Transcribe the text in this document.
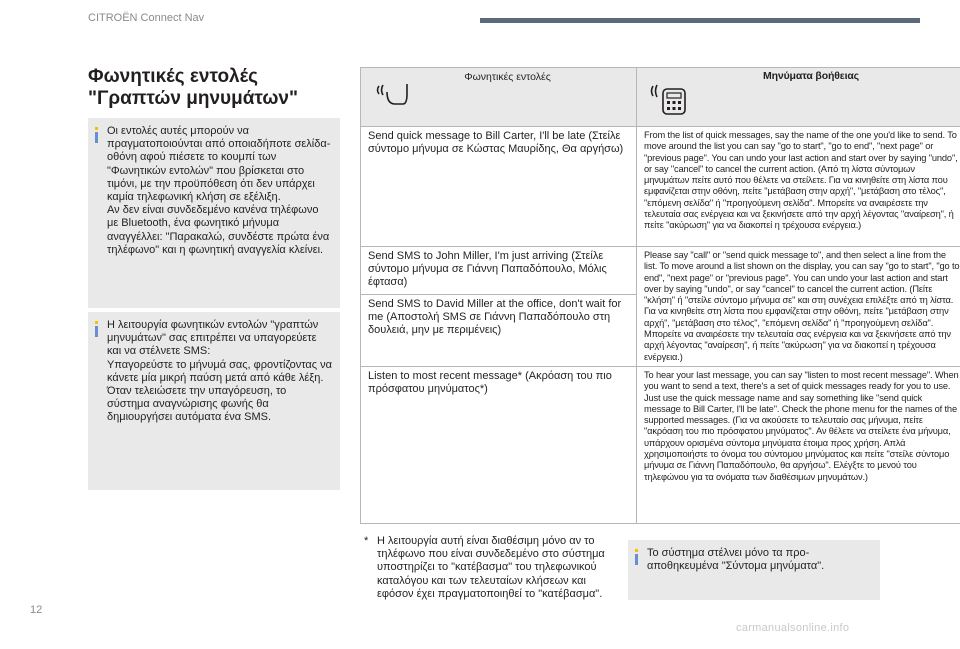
CITROËN Connect Nav
Φωνητικές εντολές "Γραπτών μηνυμάτων"
Οι εντολές αυτές μπορούν να πραγματοποιούνται από οποιαδήποτε σελίδα-οθόνη αφού πιέσετε το κουμπί των "Φωνητικών εντολών" που βρίσκεται στο τιμόνι, με την προϋπόθεση ότι δεν υπάρχει καμία τηλεφωνική κλήση σε εξέλιξη.
Αν δεν είναι συνδεδεμένο κανένα τηλέφωνο με Bluetooth, ένα φωνητικό μήνυμα αναγγέλλει: "Παρακαλώ, συνδέστε πρώτα ένα τηλέφωνο" και η φωνητική αναγγελία κλείνει.
Η λειτουργία φωνητικών εντολών "γραπτών μηνυμάτων" σας επιτρέπει να υπαγορεύετε και να στέλνετε SMS:
Υπαγορεύστε το μήνυμά σας, φροντίζοντας να κάνετε μία μικρή παύση μετά από κάθε λέξη.
Όταν τελειώσετε την υπαγόρευση, το σύστημα αναγνώρισης φωνής θα δημιουργήσει αυτόματα ένα SMS.
Φωνητικές εντολές	Μηνύματα βοήθειας

Send quick message to Bill Carter, I'll be late (Στείλε σύντομο μήνυμα σε Κώστας Μαυρίδης, Θα αργήσω)	From the list of quick messages, say the name of the one you'd like to send. To move around the list you can say "go to start", "go to end", "next page" or "previous page". You can undo your last action and start over by saying "undo", or say "cancel" to cancel the current action. (Από τη λίστα σύντομων μηνυμάτων πείτε αυτό που θέλετε να στείλετε. Για να κινηθείτε στη λίστα που εμφανίζεται στην οθόνη, πείτε "μετάβαση στην αρχή", "μετάβαση στο τέλος", "επόμενη σελίδα" ή "προηγούμενη σελίδα". Μπορείτε να αναιρέσετε την τελευταία σας ενέργεια και να ξεκινήσετε από την αρχή λέγοντας "αναίρεση", ή πείτε "ακύρωση" για να διακοπεί η τρέχουσα ενέργεια.)
Send SMS to John Miller, I'm just arriving (Στείλε σύντομο μήνυμα σε Γιάννη Παπαδόπουλο, Μόλις έφτασα)	Please say "call" or "send quick message to", and then select a line from the list. To move around a list shown on the display, you can say "go to start", "go to end", "next page" or "previous page". You can undo your last action and start over by saying "undo", or say "cancel" to cancel the current action. (Πείτε "κλήση" ή "στείλε σύντομο μήνυμα σε" και στη συνέχεια επιλέξτε από τη λίστα. Για να κινηθείτε στη λίστα που εμφανίζεται στην οθόνη, πείτε "μετάβαση στην αρχή", "μετάβαση στο τέλος", "επόμενη σελίδα" ή "προηγούμενη σελίδα". Μπορείτε να αναιρέσετε την τελευταία σας ενέργεια και να ξεκινήσετε από την αρχή λέγοντας "αναίρεση", ή πείτε "ακύρωση" για να διακοπεί η τρέχουσα ενέργεια.)
Send SMS to David Miller at the office, don't wait for me (Αποστολή SMS σε Γιάννη Παπαδόπουλο στη δουλειά, μην με περιμένεις)	
Listen to most recent message* (Ακρόαση του πιο πρόσφατου μηνύματος*)	To hear your last message, you can say "listen to most recent message". When you want to send a text, there's a set of quick messages ready for you to use. Just use the quick message name and say something like "send quick message to Bill Carter, I'll be late". Check the phone menu for the names of the supported messages. (Για να ακούσετε το τελευταίο σας μήνυμα, πείτε "ακρόαση του πιο πρόσφατου μηνύματος". Αν θέλετε να στείλετε ένα μήνυμα, υπάρχουν ορισμένα σύντομα μηνύματα έτοιμα προς χρήση. Απλά χρησιμοποιήστε το όνομα του σύντομου μηνύματος και πείτε "στείλε σύντομο μήνυμα σε Γιάννη Παπαδόπουλο, θα αργήσω". Ελέγξτε το μενού του τηλεφώνου για τα ονόματα των διαθέσιμων μηνυμάτων.)
* Η λειτουργία αυτή είναι διαθέσιμη μόνο αν το τηλέφωνο που είναι συνδεδεμένο στο σύστημα υποστηρίζει το "κατέβασμα" του τηλεφωνικού καταλόγου και των τελευταίων κλήσεων και εφόσον έχει πραγματοποιηθεί το "κατέβασμα".
Το σύστημα στέλνει μόνο τα προ-αποθηκευμένα "Σύντομα μηνύματα".
12
carmanualsonline.info
